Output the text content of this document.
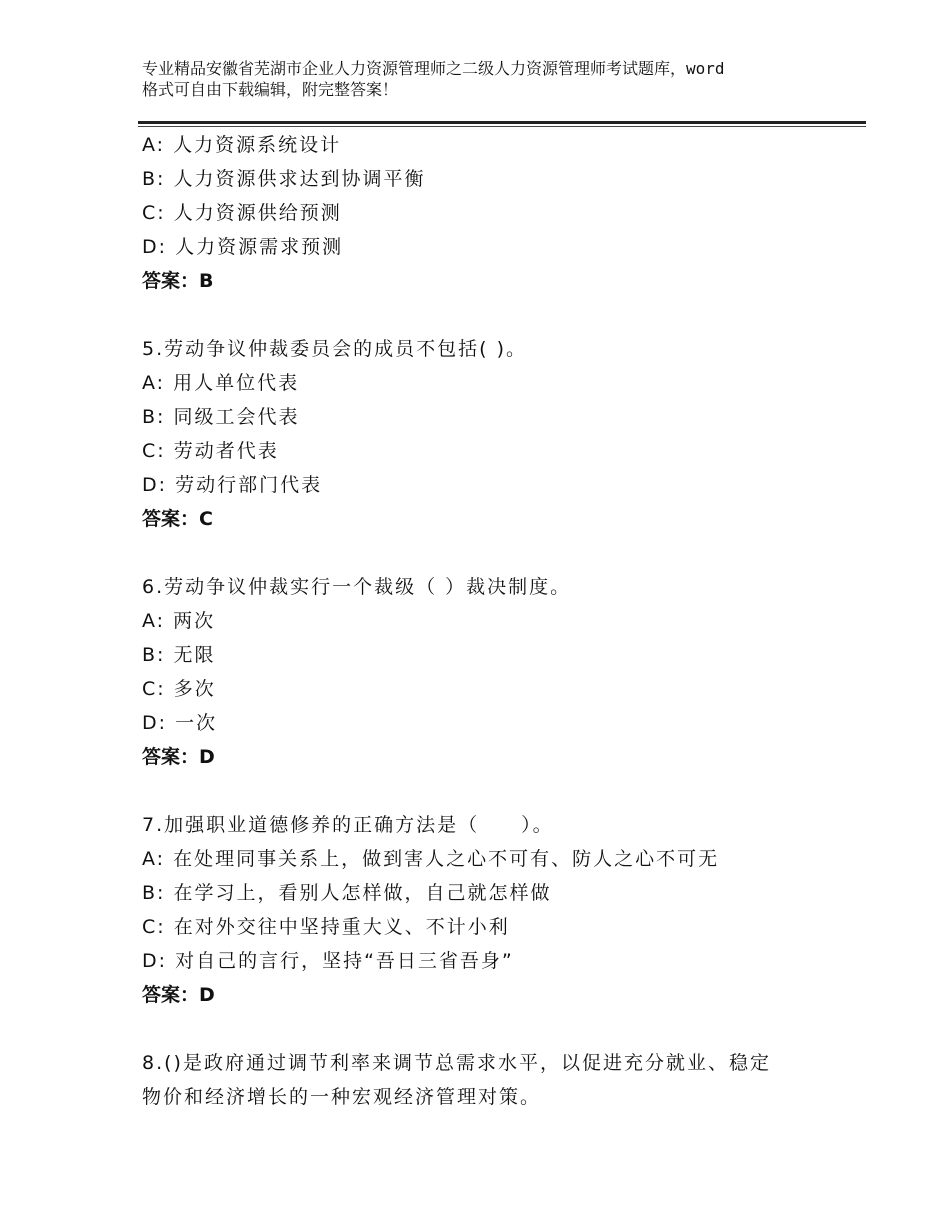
专业精品安徽省芜湖市企业人力资源管理师之二级人力资源管理师考试题库，word
格式可自由下载编辑，附完整答案！
A: 人力资源系统设计
B: 人力资源供求达到协调平衡
C: 人力资源供给预测
D: 人力资源需求预测
答案：B
5.劳动争议仲裁委员会的成员不包括( )。
A: 用人单位代表
B: 同级工会代表
C: 劳动者代表
D: 劳动行部门代表
答案：C
6.劳动争议仲裁实行一个裁级（ ）裁决制度。
A: 两次
B: 无限
C: 多次
D: 一次
答案：D
7.加强职业道德修养的正确方法是（　　）。
A: 在处理同事关系上，做到害人之心不可有、防人之心不可无
B: 在学习上，看别人怎样做，自己就怎样做
C: 在对外交往中坚持重大义、不计小利
D: 对自己的言行，坚持“吾日三省吾身”
答案：D
8.()是政府通过调节利率来调节总需求水平，以促进充分就业、稳定
物价和经济增长的一种宏观经济管理对策。
